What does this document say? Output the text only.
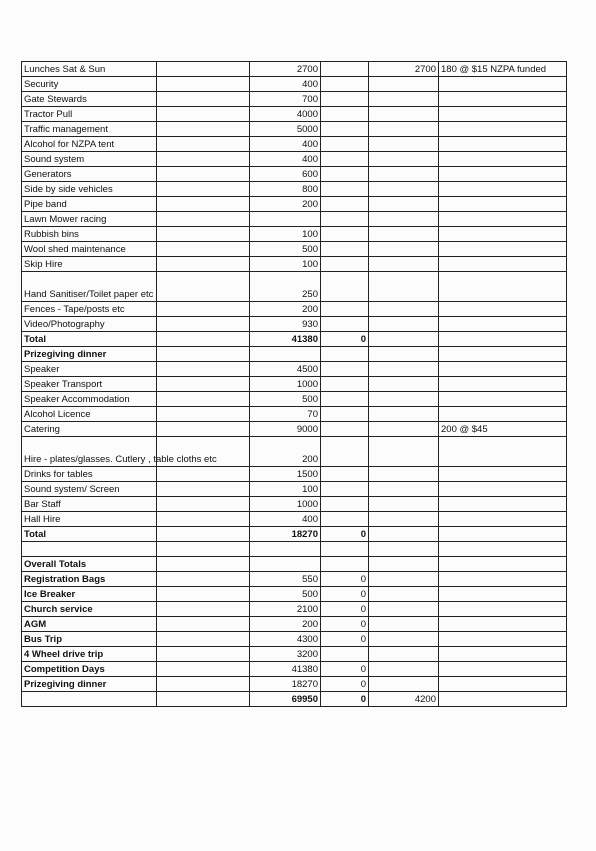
Lunches Sat & Sun		2700		2700	180 @ $15 NZPA funded
Security		400			
Gate Stewards		700			
Tractor Pull		4000			
Traffic management		5000			
Alcohol for NZPA tent		400			
Sound system		400			
Generators		600			
Side by side vehicles		800			
Pipe band		200			
Lawn Mower racing					
Rubbish bins		100			
Wool shed maintenance		500			
Skip Hire		100			
Hand Sanitiser/Toilet paper etc		250			
Fences - Tape/posts etc		200			
Video/Photography		930			
Total		41380	0		
Prizegiving dinner					
Speaker		4500			
Speaker Transport		1000			
Speaker Accommodation		500			
Alcohol Licence		70			
Catering		9000			200 @ $45
Hire - plates/glasses. Cutlery , table cloths etc		200			
Drinks for tables		1500			
Sound system/ Screen		100			
Bar Staff		1000			
Hall Hire		400			
Total		18270	0		

Overall Totals					
Registration Bags		550	0		
Ice Breaker		500	0		
Church service		2100	0		
AGM		200	0		
Bus Trip		4300	0		
4 Wheel drive trip		3200			
Competition Days		41380	0		
Prizegiving dinner		18270	0		
		69950	0	4200	
